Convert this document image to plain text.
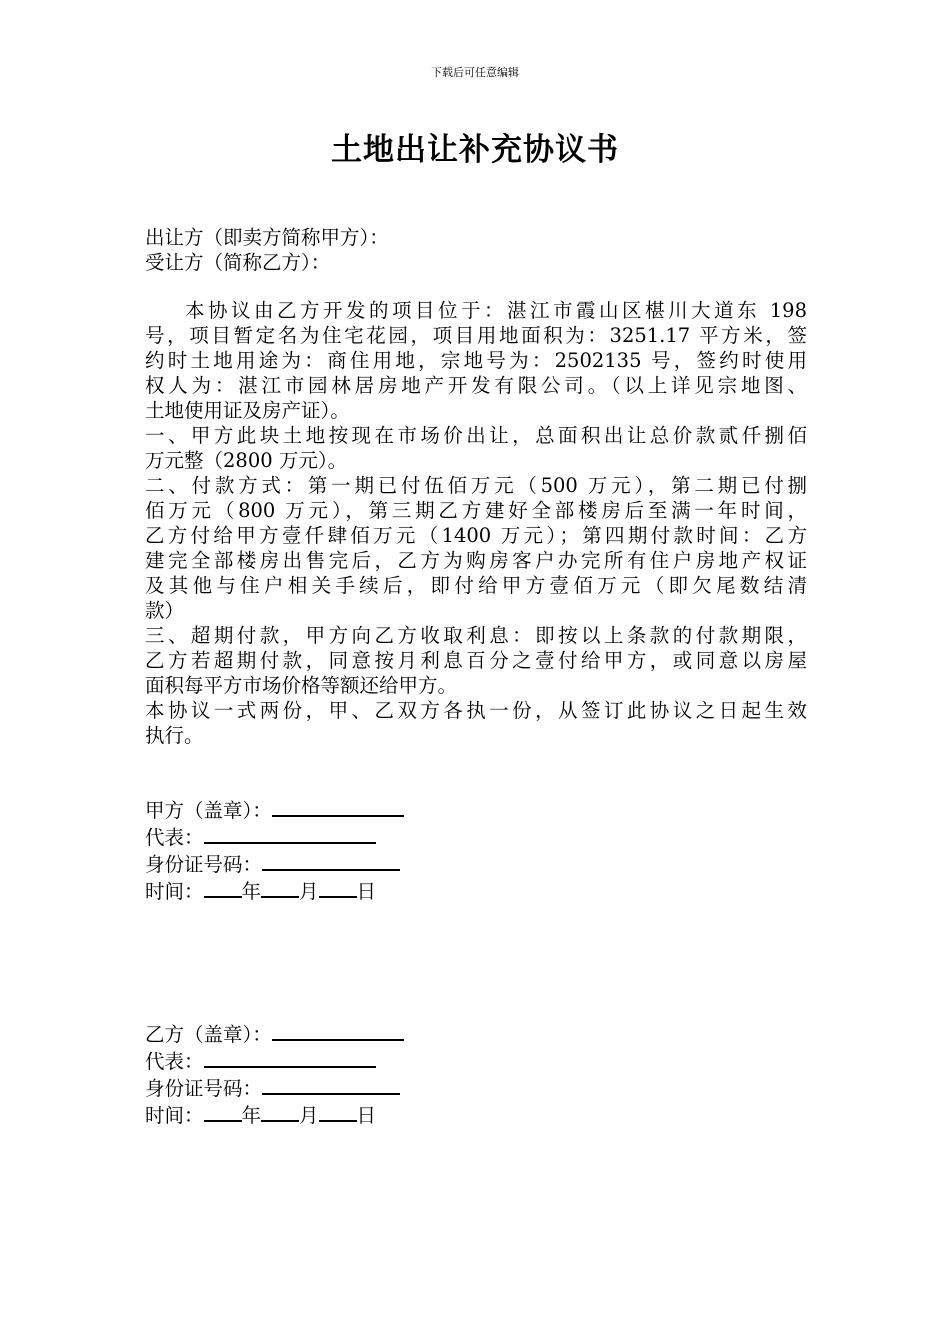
下载后可任意编辑
土地出让补充协议书
出让方（即卖方简称甲方）：
受让方（简称乙方）：
本协议由乙方开发的项目位于：湛江市霞山区椹川大道东 198
号，项目暂定名为住宅花园，项目用地面积为：3251.17 平方米，签
约时土地用途为：商住用地，宗地号为：2502135 号，签约时使用
权人为：湛江市园林居房地产开发有限公司。（以上详见宗地图、
土地使用证及房产证）。
一、甲方此块土地按现在市场价出让，总面积出让总价款贰仟捌佰
万元整（2800 万元）。
二、付款方式：第一期已付伍佰万元（500 万元），第二期已付捌
佰万元（800 万元），第三期乙方建好全部楼房后至满一年时间，
乙方付给甲方壹仟肆佰万元（1400 万元）；第四期付款时间：乙方
建完全部楼房出售完后，乙方为购房客户办完所有住户房地产权证
及其他与住户相关手续后，即付给甲方壹佰万元（即欠尾数结清
款）
三、超期付款，甲方向乙方收取利息：即按以上条款的付款期限，
乙方若超期付款，同意按月利息百分之壹付给甲方，或同意以房屋
面积每平方市场价格等额还给甲方。
本协议一式两份，甲、乙双方各执一份，从签订此协议之日起生效
执行。
甲方（盖章）：
代表：
身份证号码：
时间： 年 月 日
乙方（盖章）：
代表：
身份证号码：
时间： 年 月 日
